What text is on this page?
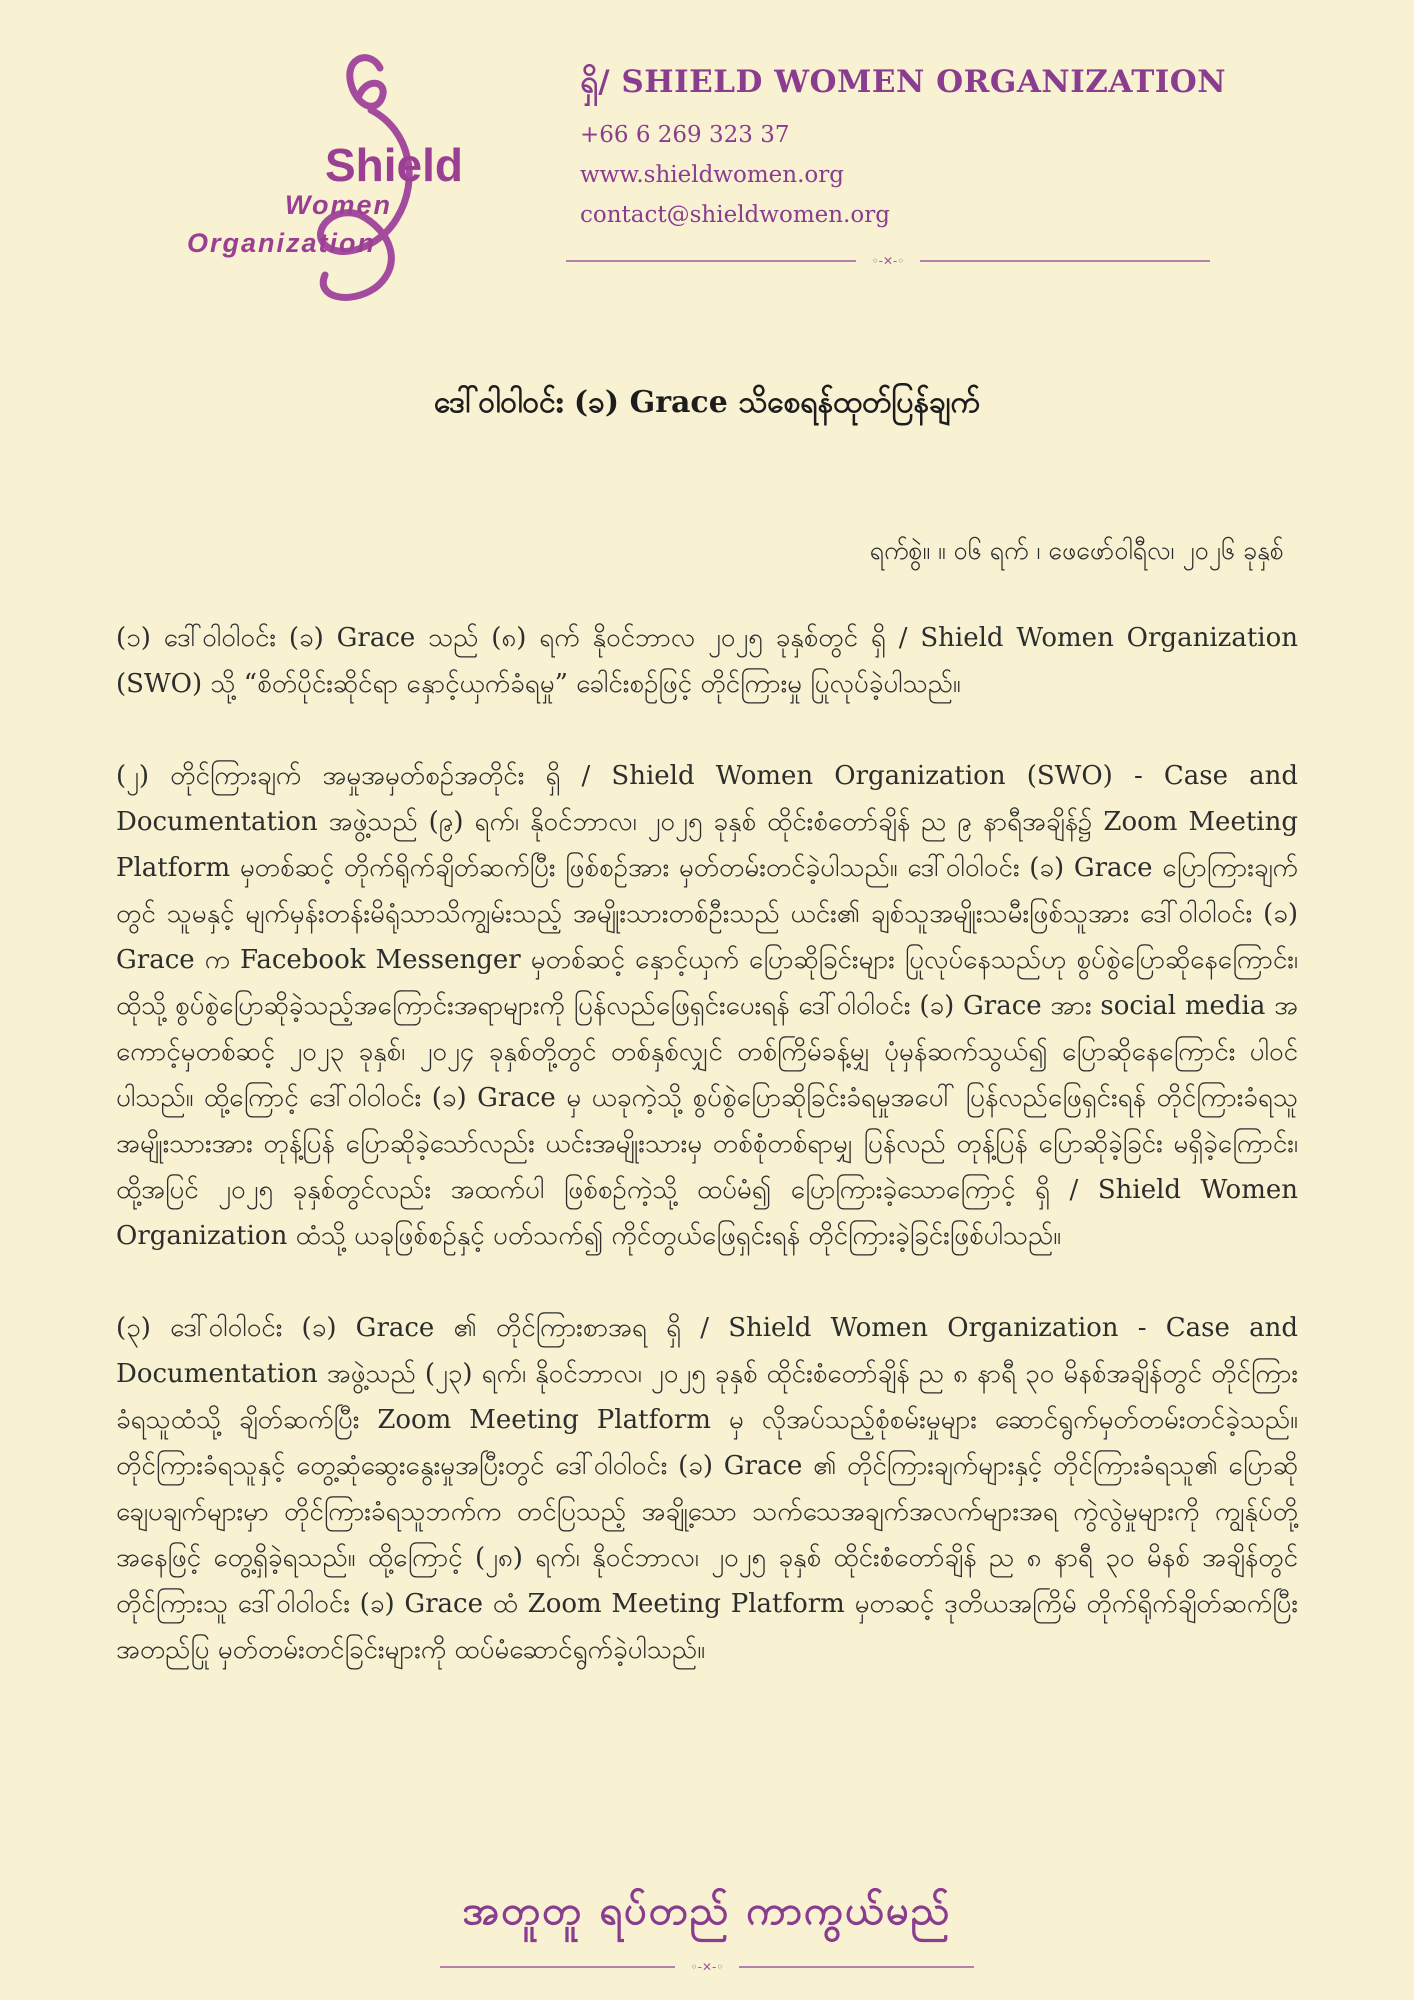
Shield
Women
Organization
ရှိ/ SHIELD WOMEN ORGANIZATION
+66 6 269 323 37
www.shieldwomen.org
contact@shieldwomen.org
◦-✕-◦
ဒေါ်ဝါဝါဝင်း (ခ) Grace သိစေရန်ထုတ်ပြန်ချက်
ရက်စွဲ။ ။ ၀၆ ရက် ၊ ဖေဖော်ဝါရီလ၊ ၂၀၂၆ ခုနှစ်

(၁) ဒေါ်ဝါဝါဝင်း (ခ) Grace သည် (၈) ရက် နိုဝင်ဘာလ ၂၀၂၅ ခုနှစ်တွင် ရှိ / Shield Women Organization (SWO) သို့ “စိတ်ပိုင်းဆိုင်ရာ နှောင့်ယှက်ခံရမှု” ခေါင်းစဉ်ဖြင့် တိုင်ကြားမှု ပြုလုပ်ခဲ့ပါသည်။

(၂) တိုင်ကြားချက် အမှုအမှတ်စဉ်အတိုင်း ရှိ / Shield Women Organization (SWO) - Case and Documentation အဖွဲ့သည် (၉) ရက်၊ နိုဝင်ဘာလ၊ ၂၀၂၅ ခုနှစ် ထိုင်းစံတော်ချိန် ည ၉ နာရီအချိန်၌ Zoom Meeting Platform မှတစ်ဆင့် တိုက်ရိုက်ချိတ်ဆက်ပြီး ဖြစ်စဉ်အား မှတ်တမ်းတင်ခဲ့ပါသည်။ ဒေါ်ဝါဝါဝင်း (ခ) Grace ပြောကြားချက်တွင် သူမနှင့် မျက်မှန်းတန်းမိရုံသာသိကျွမ်းသည့် အမျိုးသားတစ်ဦးသည် ယင်း၏ ချစ်သူအမျိုးသမီးဖြစ်သူအား ဒေါ်ဝါဝါဝင်း (ခ) Grace က Facebook Messenger မှတစ်ဆင့် နှောင့်ယှက် ပြောဆိုခြင်းများ ပြုလုပ်နေသည်ဟု စွပ်စွဲပြောဆိုနေကြောင်း၊ ထိုသို့ စွပ်စွဲပြောဆိုခဲ့သည့်အကြောင်းအရာများကို ပြန်လည်ဖြေရှင်းပေးရန် ဒေါ်ဝါဝါဝင်း (ခ) Grace အား social media အကောင့်မှတစ်ဆင့် ၂၀၂၃ ခုနှစ်၊ ၂၀၂၄ ခုနှစ်တို့တွင် တစ်နှစ်လျှင် တစ်ကြိမ်ခန့်မျှ ပုံမှန်ဆက်သွယ်၍ ပြောဆိုနေကြောင်း ပါဝင်ပါသည်။ ထို့ကြောင့် ဒေါ်ဝါဝါဝင်း (ခ) Grace မှ ယခုကဲ့သို့ စွပ်စွဲပြောဆိုခြင်းခံရမှုအပေါ် ပြန်လည်ဖြေရှင်းရန် တိုင်ကြားခံရသူ အမျိုးသားအား တုန့်ပြန် ပြောဆိုခဲ့သော်လည်း ယင်းအမျိုးသားမှ တစ်စုံတစ်ရာမျှ ပြန်လည် တုန့်ပြန် ပြောဆိုခဲ့ခြင်း မရှိခဲ့ကြောင်း၊ ထို့အပြင် ၂၀၂၅ ခုနှစ်တွင်လည်း အထက်ပါ ဖြစ်စဉ်ကဲ့သို့ ထပ်မံ၍ ပြောကြားခဲ့သောကြောင့် ရှိ / Shield Women Organization ထံသို့ ယခုဖြစ်စဉ်နှင့် ပတ်သက်၍ ကိုင်တွယ်ဖြေရှင်းရန် တိုင်ကြားခဲ့ခြင်းဖြစ်ပါသည်။

(၃) ဒေါ်ဝါဝါဝင်း (ခ) Grace ၏ တိုင်ကြားစာအရ ရှိ / Shield Women Organization - Case and Documentation အဖွဲ့သည် (၂၃) ရက်၊ နိုဝင်ဘာလ၊ ၂၀၂၅ ခုနှစ် ထိုင်းစံတော်ချိန် ည ၈ နာရီ ၃၀ မိနစ်အချိန်တွင် တိုင်ကြားခံရသူထံသို့ ချိတ်ဆက်ပြီး Zoom Meeting Platform မှ လိုအပ်သည့်စုံစမ်းမှုများ ဆောင်ရွက်မှတ်တမ်းတင်ခဲ့သည်။ တိုင်ကြားခံရသူနှင့် တွေ့ဆုံဆွေးနွေးမှုအပြီးတွင် ဒေါ်ဝါဝါဝင်း (ခ) Grace ၏ တိုင်ကြားချက်များနှင့် တိုင်ကြားခံရသူ၏ ပြောဆို ချေပချက်များမှာ တိုင်ကြားခံရသူဘက်က တင်ပြသည့် အချို့သော သက်သေအချက်အလက်များအရ ကွဲလွဲမှုများကို ကျွန်ုပ်တို့အနေဖြင့် တွေ့ရှိခဲ့ရသည်။ ထို့ကြောင့် (၂၈) ရက်၊ နိုဝင်ဘာလ၊ ၂၀၂၅ ခုနှစ် ထိုင်းစံတော်ချိန် ည ၈ နာရီ ၃၀ မိနစ် အချိန်တွင် တိုင်ကြားသူ ဒေါ်ဝါဝါဝင်း (ခ) Grace ထံ Zoom Meeting Platform မှတဆင့် ဒုတိယအကြိမ် တိုက်ရိုက်ချိတ်ဆက်ပြီး အတည်ပြု မှတ်တမ်းတင်ခြင်းများကို ထပ်မံဆောင်ရွက်ခဲ့ပါသည်။

အတူတူ ရပ်တည် ကာကွယ်မည်
◦-✕-◦
